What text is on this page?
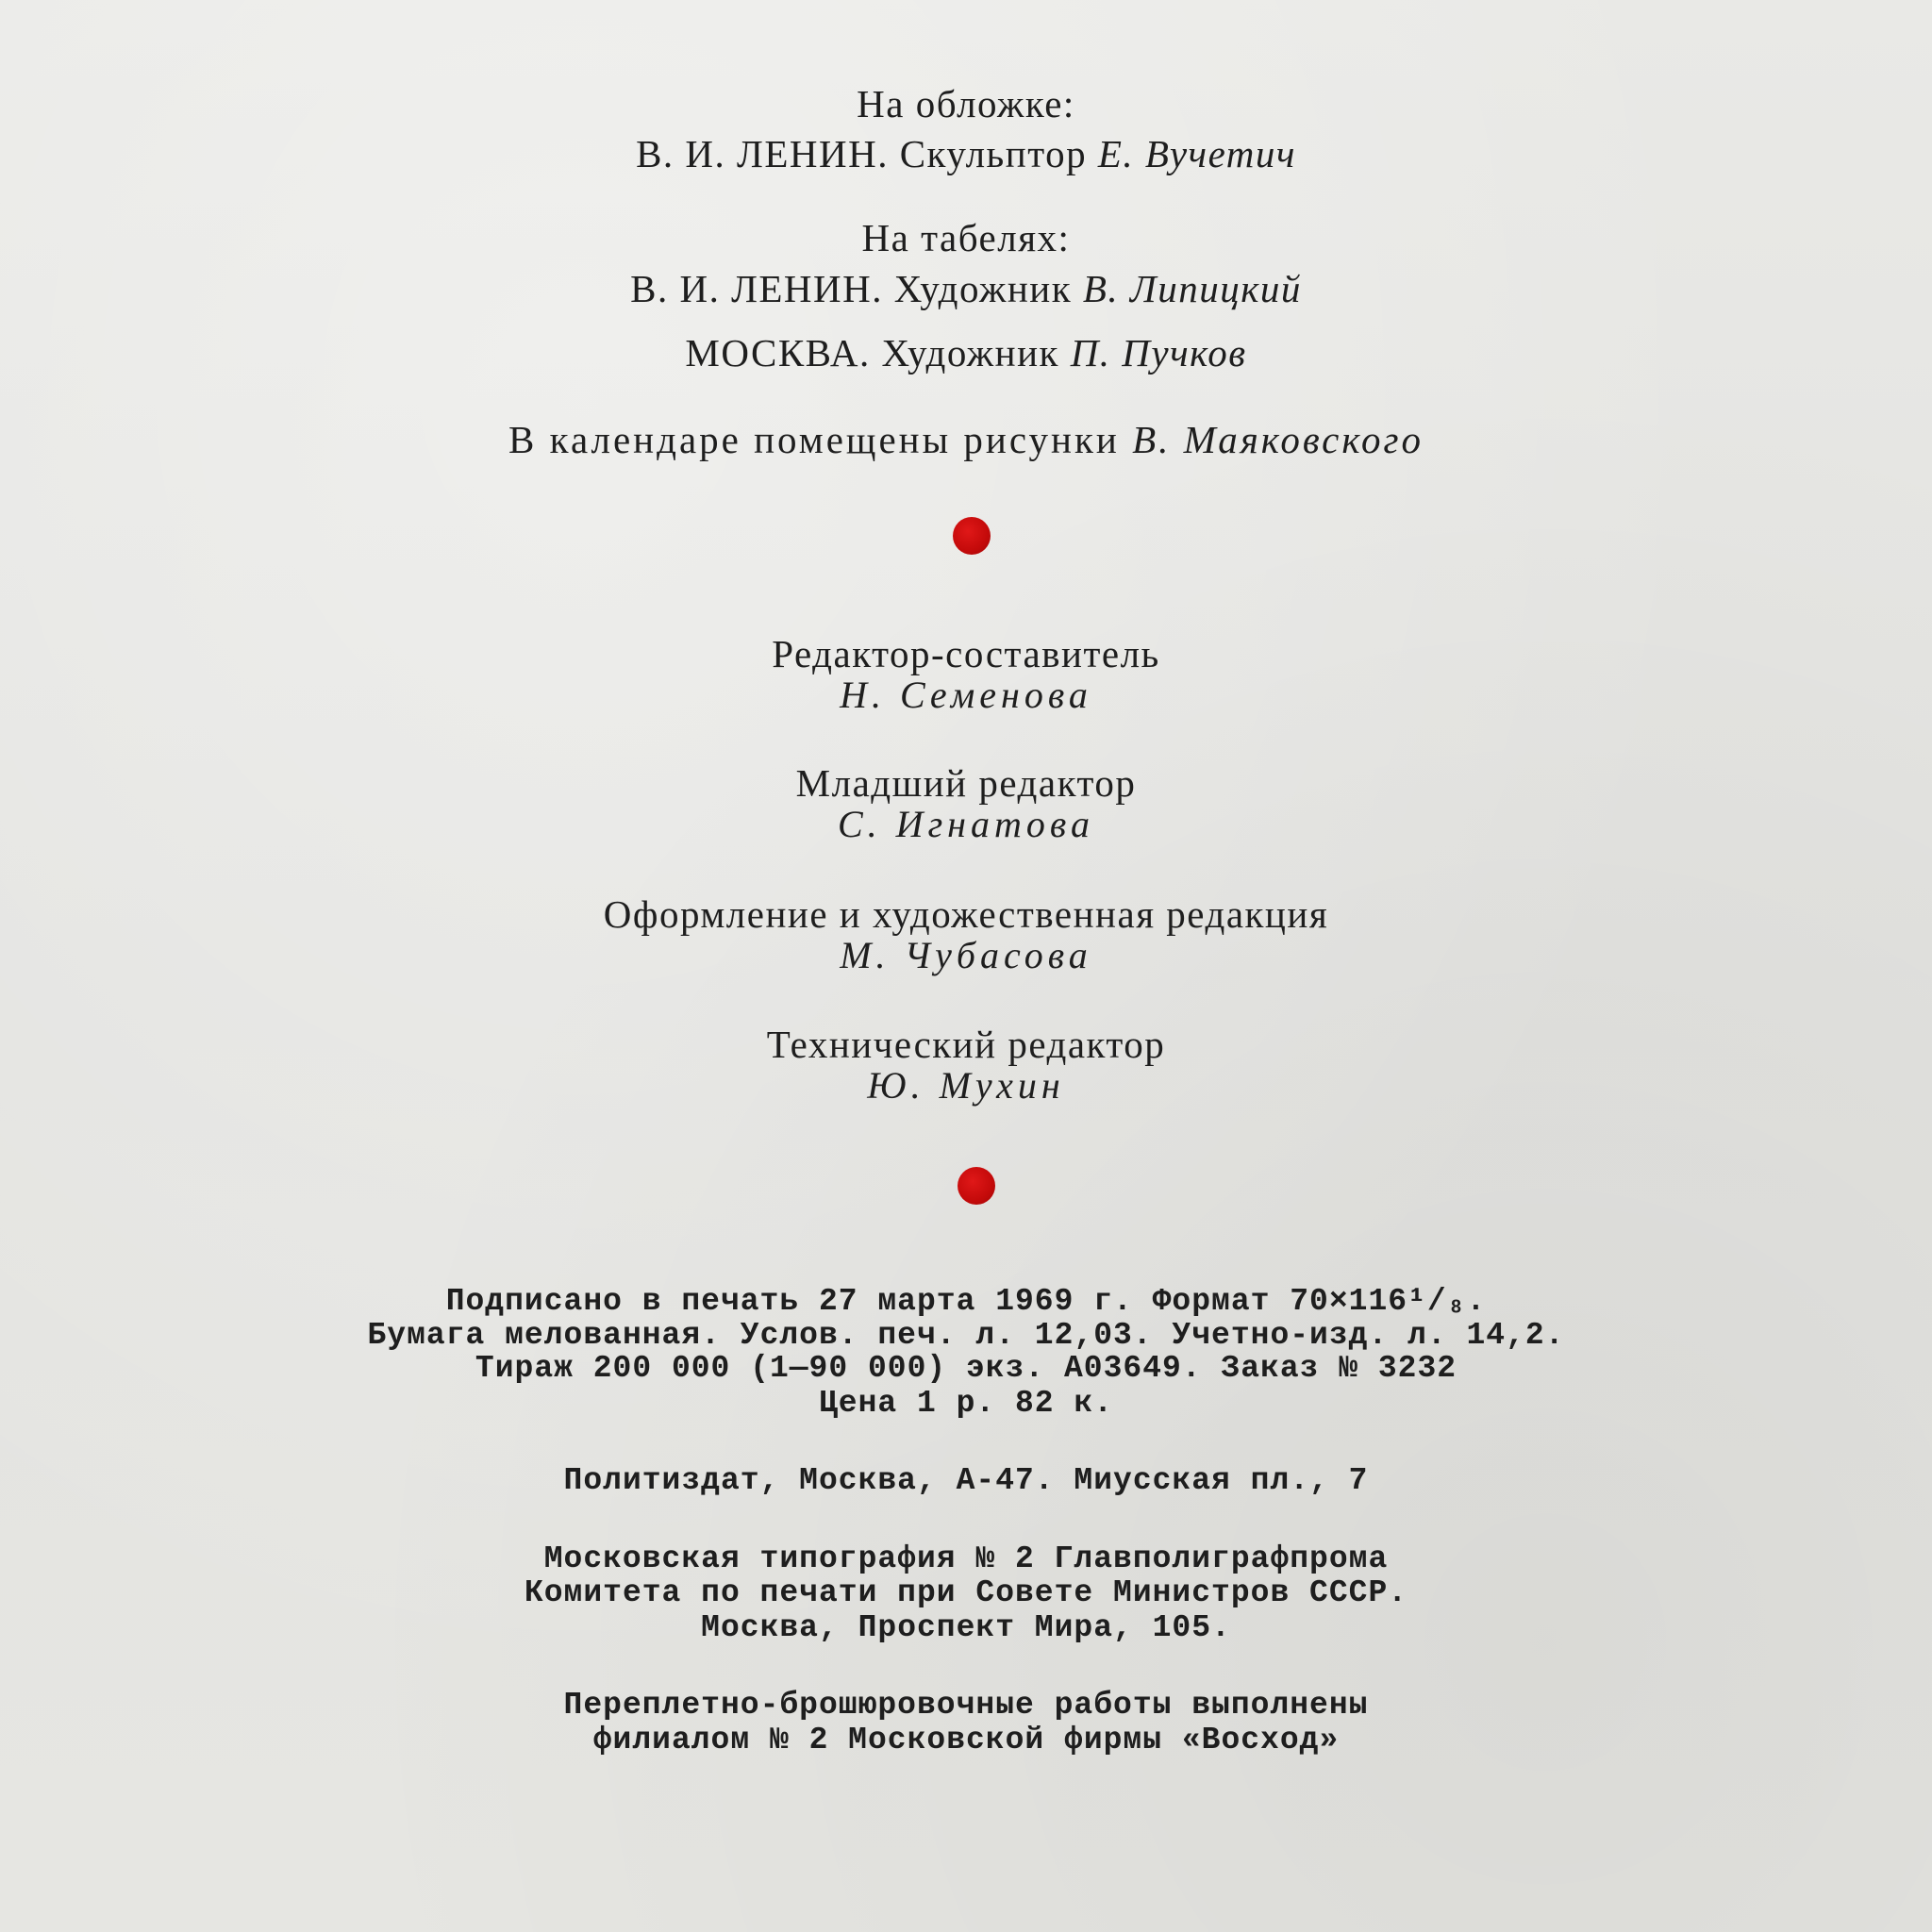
На обложке:
В. И. ЛЕНИН. Скульптор Е. Вучетич
На табелях:
В. И. ЛЕНИН. Художник В. Липицкий
МОСКВА. Художник П. Пучков
В календаре помещены рисунки В. Маяковского
Редактор-составитель
Н. Семенова
Младший редактор
С. Игнатова
Оформление и художественная редакция
М. Чубасова
Технический редактор
Ю. Мухин
Подписано в печать 27 марта 1969 г. Формат 70×116¹/₈.
Бумага мелованная. Услов. печ. л. 12,03. Учетно-изд. л. 14,2.
Тираж 200 000 (1—90 000) экз. А03649. Заказ № 3232
Цена 1 р. 82 к.
Политиздат, Москва, А-47. Миусская пл., 7
Московская типография № 2 Главполиграфпрома
Комитета по печати при Совете Министров СССР.
Москва, Проспект Мира, 105.
Переплетно-брошюровочные работы выполнены
филиалом № 2 Московской фирмы «Восход»
